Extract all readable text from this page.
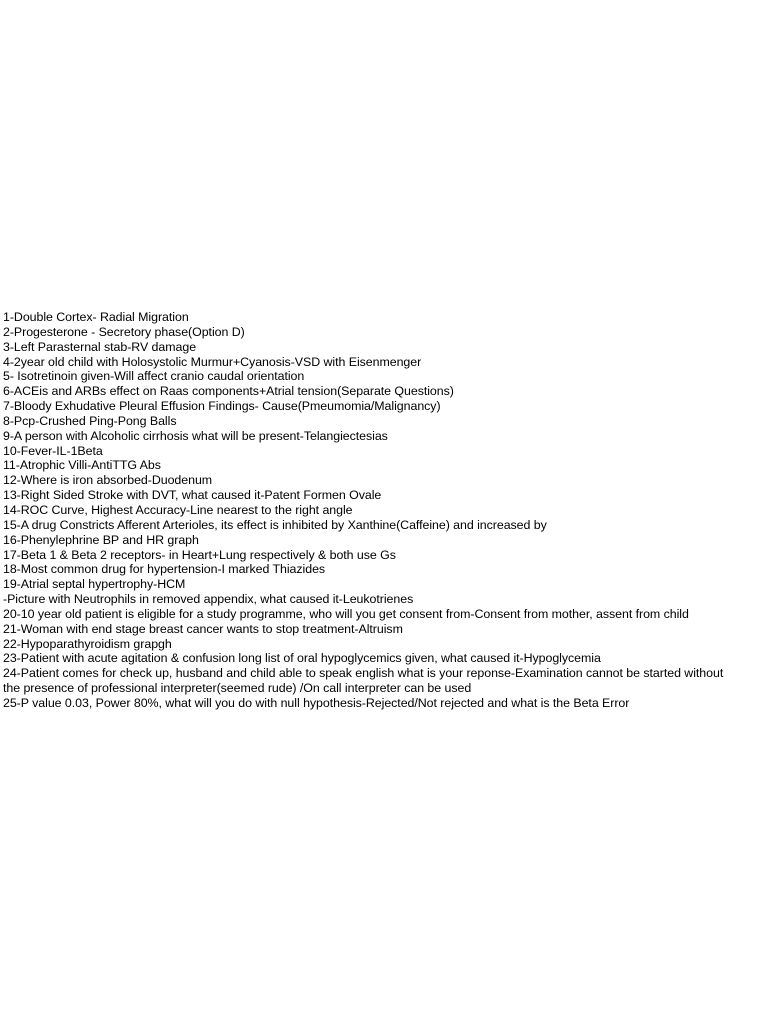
1-Double Cortex- Radial Migration
2-Progesterone - Secretory phase(Option D)
3-Left Parasternal stab-RV damage
4-2year old child with Holosystolic Murmur+Cyanosis-VSD with Eisenmenger
5- Isotretinoin given-Will affect cranio caudal orientation
6-ACEis and ARBs effect on Raas components+Atrial tension(Separate Questions)
7-Bloody Exhudative Pleural Effusion Findings- Cause(Pmeumomia/Malignancy)
8-Pcp-Crushed Ping-Pong Balls
9-A person with Alcoholic cirrhosis what will be present-Telangiectesias
10-Fever-IL-1Beta
11-Atrophic Villi-AntiTTG Abs
12-Where is iron absorbed-Duodenum
13-Right Sided Stroke with DVT, what caused it-Patent Formen Ovale
14-ROC Curve, Highest Accuracy-Line nearest to the right angle
15-A drug Constricts Afferent Arterioles, its effect is inhibited by Xanthine(Caffeine) and increased by
16-Phenylephrine BP and HR graph
17-Beta 1 & Beta 2 receptors- in Heart+Lung respectively & both use Gs
18-Most common drug for hypertension-I marked Thiazides
19-Atrial septal hypertrophy-HCM
-Picture with Neutrophils in removed appendix, what caused it-Leukotrienes
20-10 year old patient is eligible for a study programme, who will you get consent from-Consent from mother, assent from child
21-Woman with end stage breast cancer wants to stop treatment-Altruism
22-Hypoparathyroidism grapgh
23-Patient with acute agitation & confusion long list of oral hypoglycemics given, what caused it-Hypoglycemia
24-Patient comes for check up, husband and child able to speak english what is your reponse-Examination cannot be started without
the presence of professional interpreter(seemed rude) /On call interpreter can be used
25-P value 0.03, Power 80%, what will you do with null hypothesis-Rejected/Not rejected and what is the Beta Error
